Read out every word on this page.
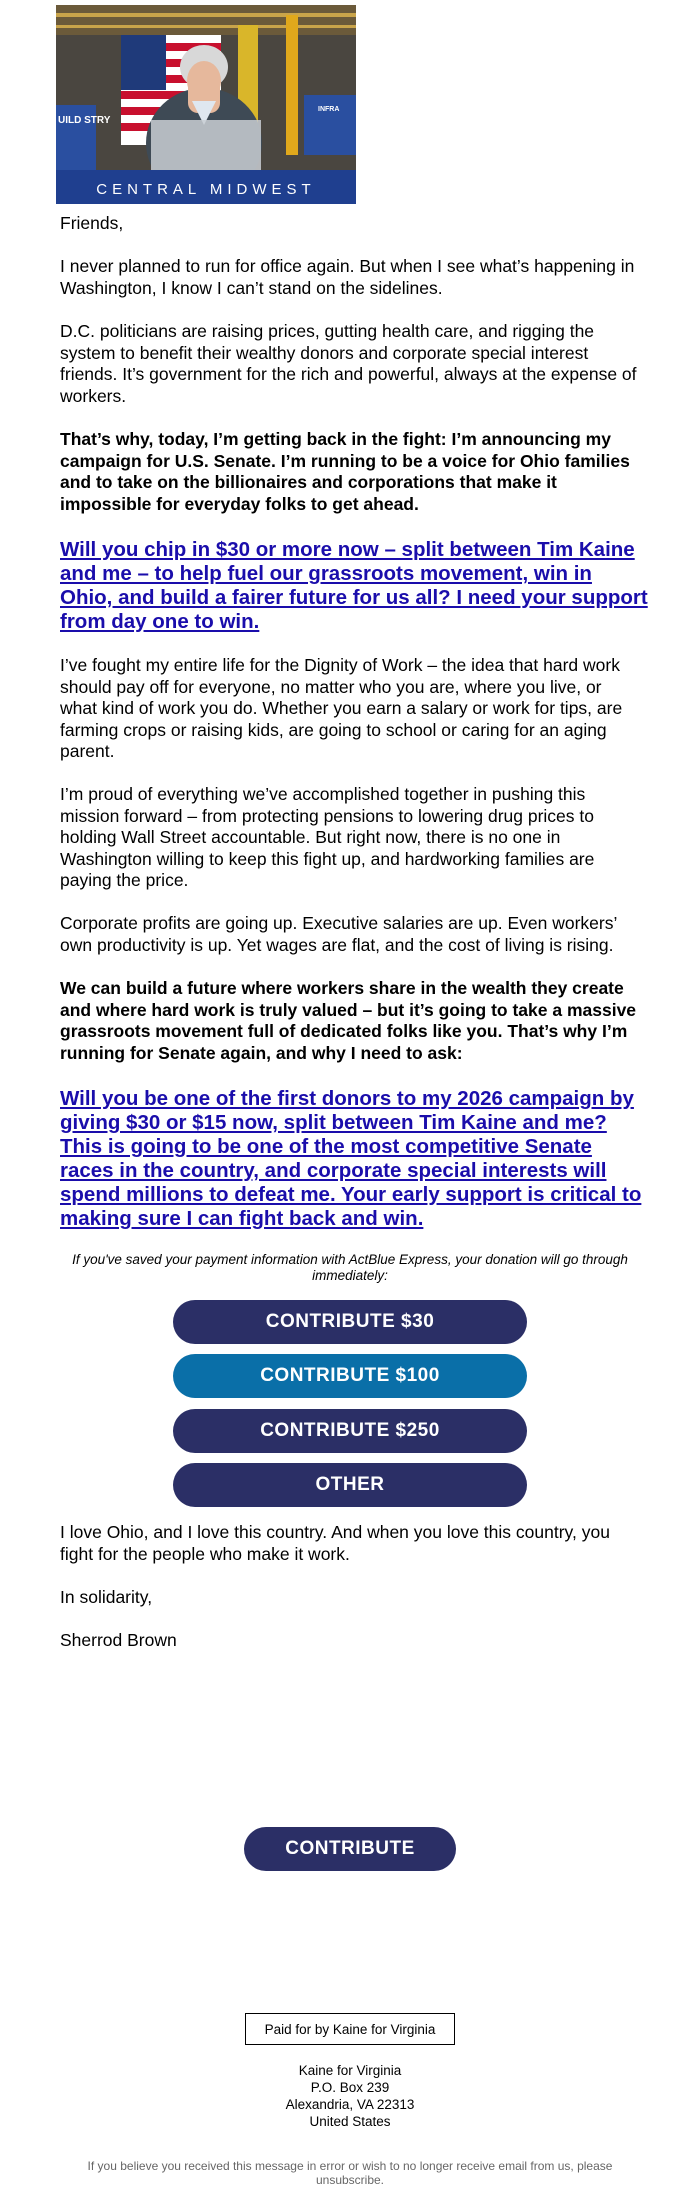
UILD STRY
INFRA
CENTRAL MIDWEST
Friends,
I never planned to run for office again. But when I see what’s happening in Washington, I know I can’t stand on the sidelines.
D.C. politicians are raising prices, gutting health care, and rigging the system to benefit their wealthy donors and corporate special interest friends. It’s government for the rich and powerful, always at the expense of workers.
That’s why, today, I’m getting back in the fight: I’m announcing my campaign for U.S. Senate. I’m running to be a voice for Ohio families and to take on the billionaires and corporations that make it impossible for everyday folks to get ahead.
Will you chip in $30 or more now – split between Tim Kaine and me – to help fuel our grassroots movement, win in Ohio, and build a fairer future for us all? I need your support from day one to win.
I’ve fought my entire life for the Dignity of Work – the idea that hard work should pay off for everyone, no matter who you are, where you live, or what kind of work you do. Whether you earn a salary or work for tips, are farming crops or raising kids, are going to school or caring for an aging parent.
I’m proud of everything we’ve accomplished together in pushing this mission forward – from protecting pensions to lowering drug prices to holding Wall Street accountable. But right now, there is no one in Washington willing to keep this fight up, and hardworking families are paying the price.
Corporate profits are going up. Executive salaries are up. Even workers’ own productivity is up. Yet wages are flat, and the cost of living is rising.
We can build a future where workers share in the wealth they create and where hard work is truly valued – but it’s going to take a massive grassroots movement full of dedicated folks like you. That’s why I’m running for Senate again, and why I need to ask:
Will you be one of the first donors to my 2026 campaign by giving $30 or $15 now, split between Tim Kaine and me? This is going to be one of the most competitive Senate races in the country, and corporate special interests will spend millions to defeat me. Your early support is critical to making sure I can fight back and win.
If you've saved your payment information with ActBlue Express, your donation will go through immediately:
CONTRIBUTE $30
CONTRIBUTE $100
CONTRIBUTE $250
OTHER
I love Ohio, and I love this country. And when you love this country, you fight for the people who make it work.
In solidarity,
Sherrod Brown
CONTRIBUTE
Paid for by Kaine for Virginia
Kaine for Virginia
P.O. Box 239
Alexandria, VA 22313
United States
If you believe you received this message in error or wish to no longer receive email from us, please unsubscribe.
